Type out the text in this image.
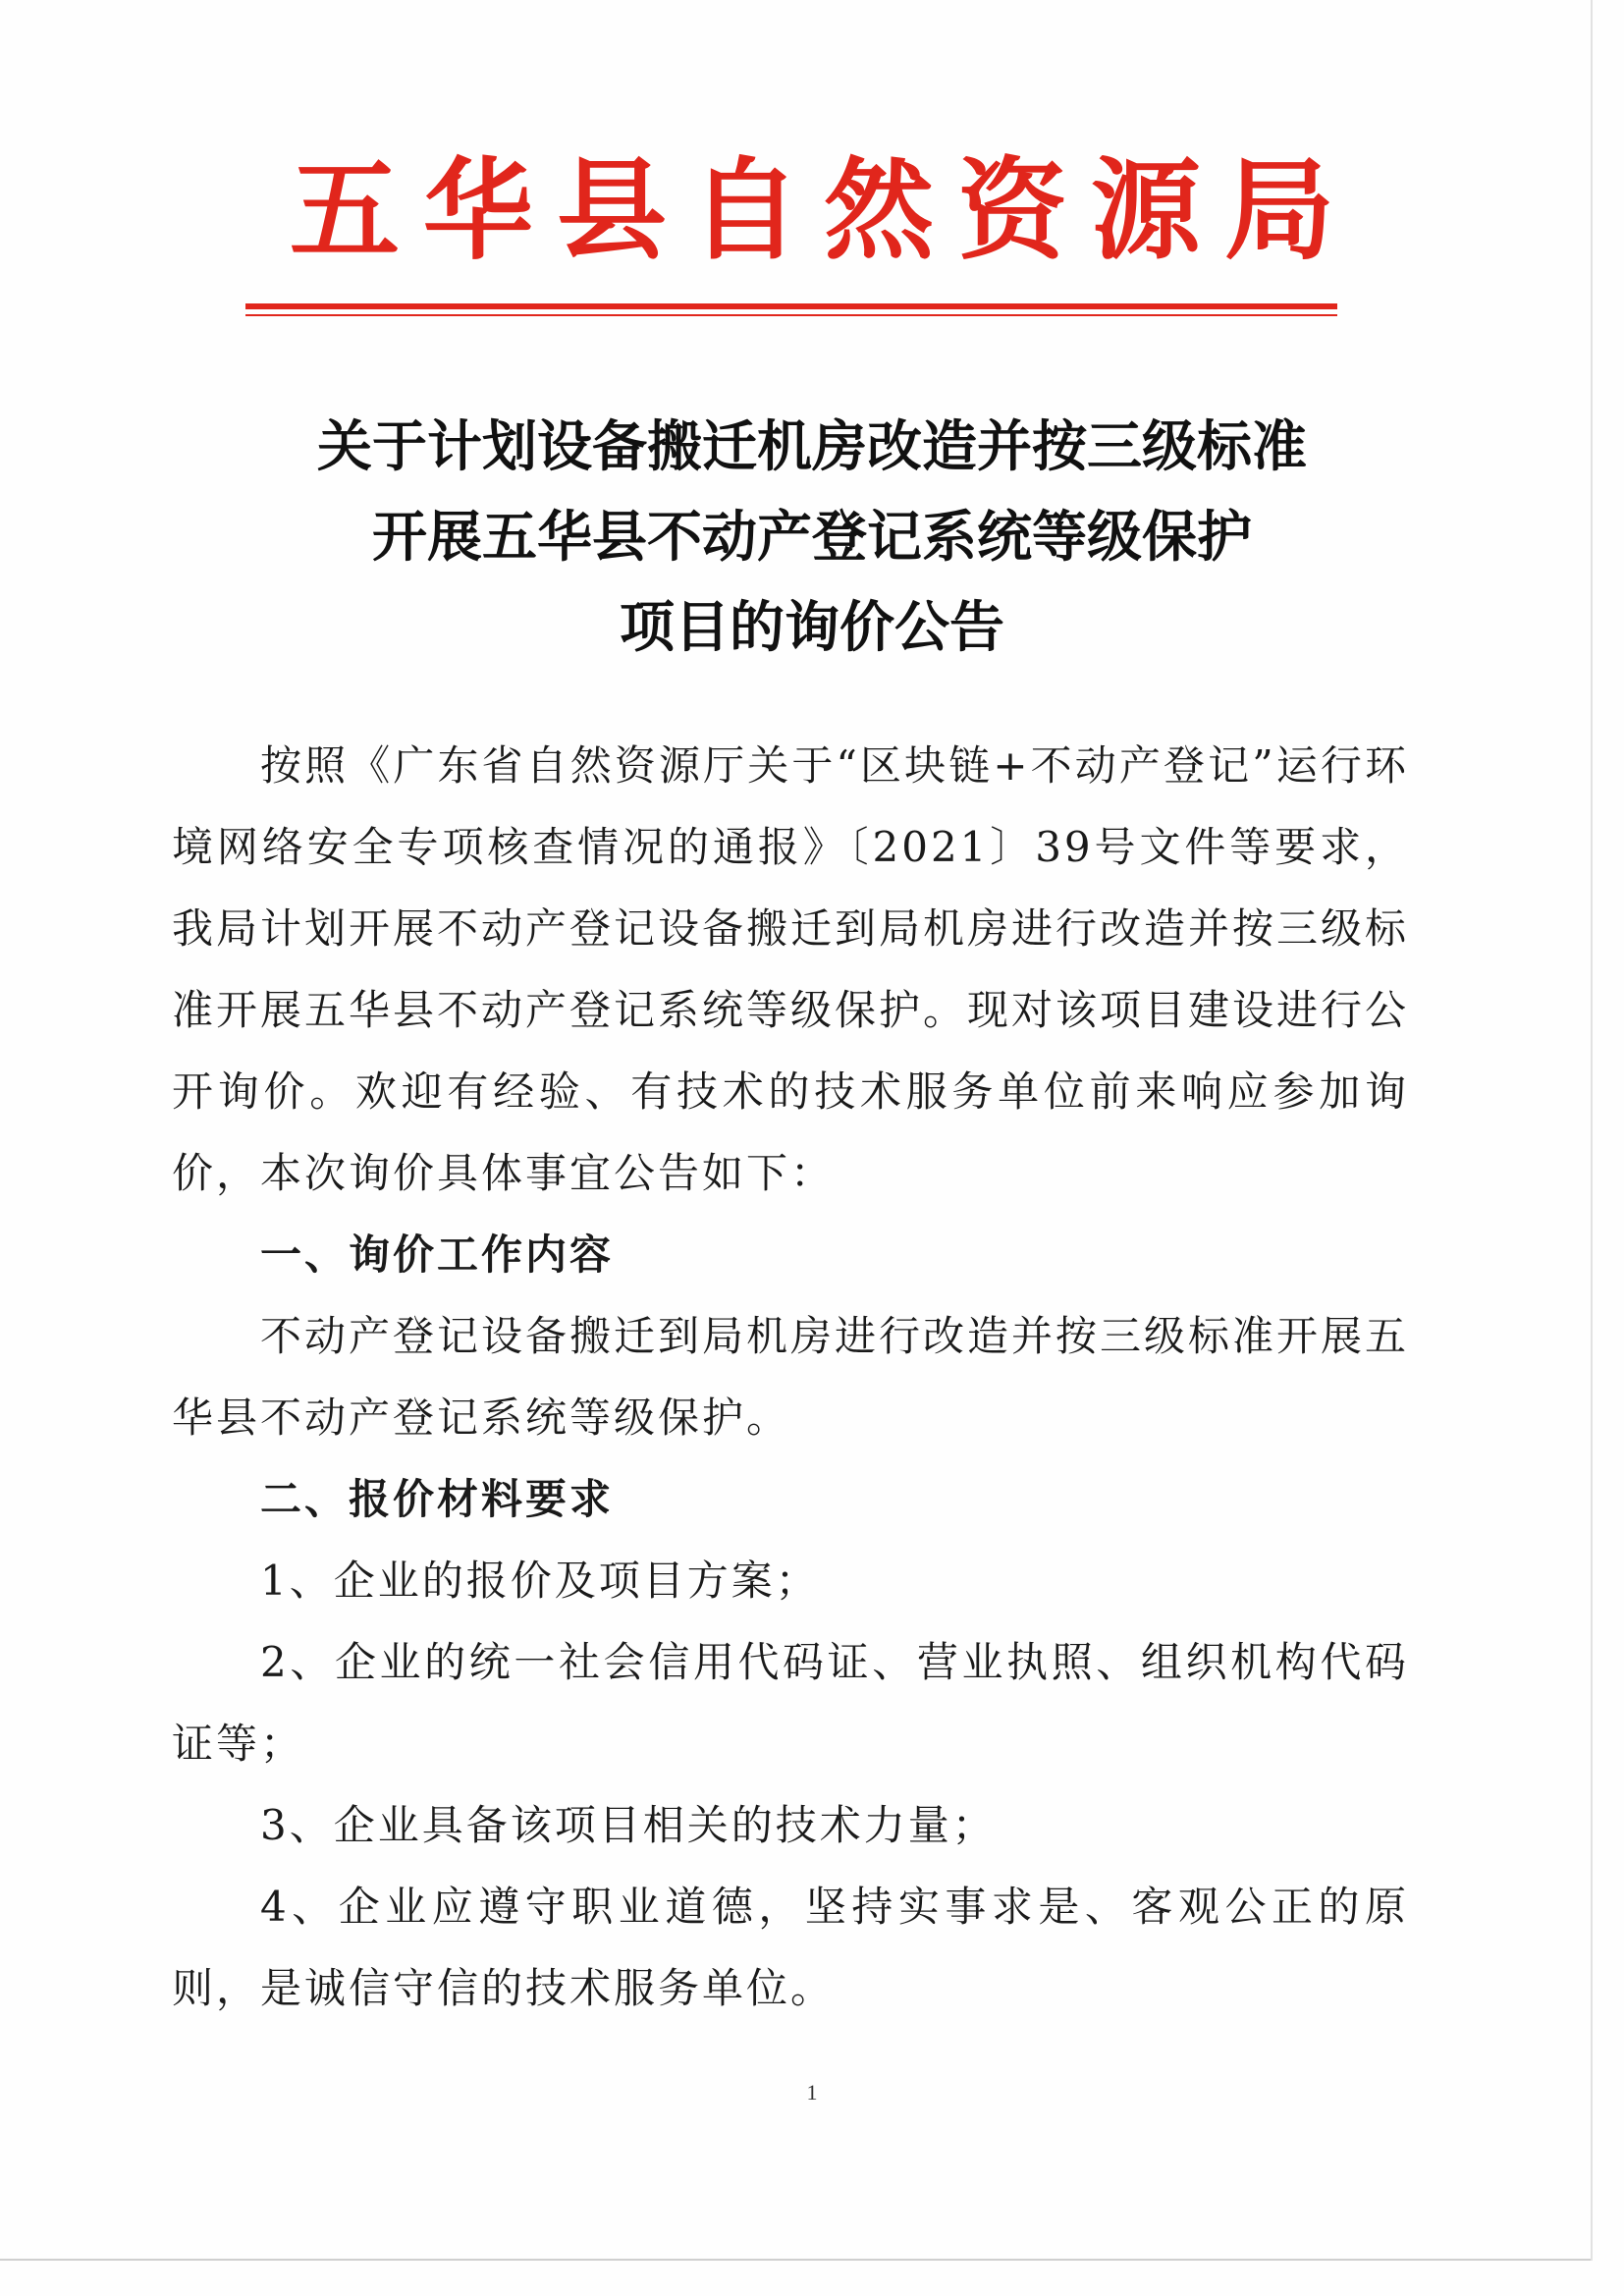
五华县自然资源局
关于计划设备搬迁机房改造并按三级标准
开展五华县不动产登记系统等级保护
项目的询价公告

按照《广东省自然资源厅关于“区块链+不动产登记”运行环境网络安全专项核查情况的通报》〔2021〕39号文件等要求，我局计划开展不动产登记设备搬迁到局机房进行改造并按三级标准开展五华县不动产登记系统等级保护。现对该项目建设进行公开询价。欢迎有经验、有技术的技术服务单位前来响应参加询价，本次询价具体事宜公告如下：

一、询价工作内容

不动产登记设备搬迁到局机房进行改造并按三级标准开展五华县不动产登记系统等级保护。

二、报价材料要求

1、企业的报价及项目方案；

2、企业的统一社会信用代码证、营业执照、组织机构代码证等；

3、企业具备该项目相关的技术力量；

4、企业应遵守职业道德，坚持实事求是、客观公正的原则，是诚信守信的技术服务单位。

1
